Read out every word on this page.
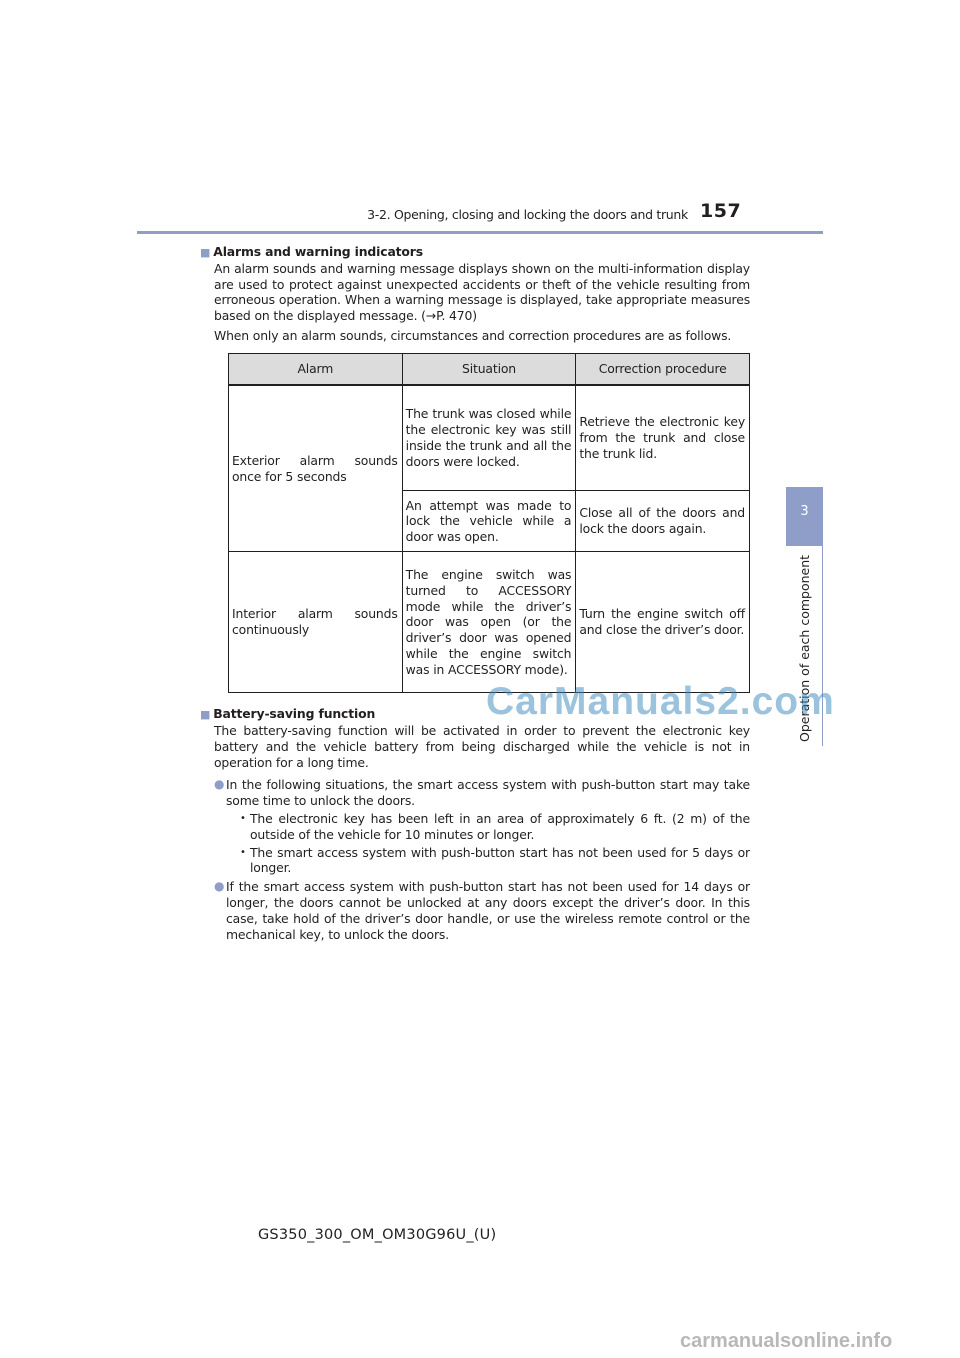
3-2. Opening, closing and locking the doors and trunk 157
3
Operation of each component
■ Alarms and warning indicators

An alarm sounds and warning message displays shown on the multi-information display are used to protect against unexpected accidents or theft of the vehicle resulting from erroneous operation. When a warning message is displayed, take appropriate measures based on the displayed message. (→P. 470)

When only an alarm sounds, circumstances and correction procedures are as follows.

Alarm	Situation	Correction procedure
Exterior alarm sounds once for 5 seconds	The trunk was closed while the electronic key was still inside the trunk and all the doors were locked.	Retrieve the electronic key from the trunk and close the trunk lid.
	An attempt was made to lock the vehicle while a door was open.	Close all of the doors and lock the doors again.
Interior alarm sounds continuously	The engine switch was turned to ACCESSORY mode while the driver’s door was open (or the driver’s door was opened while the engine switch was in ACCESSORY mode).	Turn the engine switch off and close the driver’s door.
■ Battery-saving function

The battery-saving function will be activated in order to prevent the electronic key battery and the vehicle battery from being discharged while the vehicle is not in operation for a long time.

● In the following situations, the smart access system with push-button start may take some time to unlock the doors.
• The electronic key has been left in an area of approximately 6 ft. (2 m) of the outside of the vehicle for 10 minutes or longer.
• The smart access system with push-button start has not been used for 5 days or longer.
● If the smart access system with push-button start has not been used for 14 days or longer, the doors cannot be unlocked at any doors except the driver’s door. In this case, take hold of the driver’s door handle, or use the wireless remote control or the mechanical key, to unlock the doors.
CarManuals2.com
GS350_300_OM_OM30G96U_(U)
carmanualsonline.info
